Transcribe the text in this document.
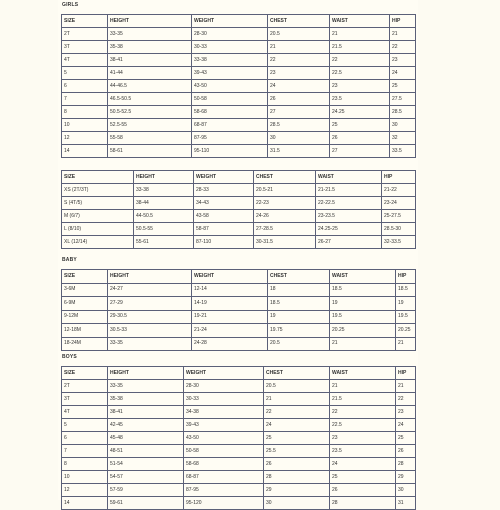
GIRLS
SIZE	HEIGHT	WEIGHT	CHEST	WAIST	HIP
2T	33-35	28-30	20.5	21	21
3T	35-38	30-33	21	21.5	22
4T	38-41	33-38	22	22	23
5	41-44	39-43	23	22.5	24
6	44-46.5	43-50	24	23	25
7	46.5-50.5	50-58	26	23.5	27.5
8	50.5-52.5	58-68	27	24.25	28.5
10	52.5-55	68-87	28.5	25	30
12	55-58	87-95	30	26	32
14	58-61	95-110	31.5	27	33.5
SIZE	HEIGHT	WEIGHT	CHEST	WAIST	HIP
XS (2T/3T)	33-38	28-33	20.5-21	21-21.5	21-22
S (4T/5)	38-44	34-43	22-23	22-22.5	23-24
M (6/7)	44-50.5	43-58	24-26	23-23.5	25-27.5
L (8/10)	50.5-55	58-87	27-28.5	24.25-25	28.5-30
XL (12/14)	55-61	87-110	30-31.5	26-27	32-33.5
BABY
SIZE	HEIGHT	WEIGHT	CHEST	WAIST	HIP
3-6M	24-27	12-14	18	18.5	18.5
6-9M	27-29	14-19	18.5	19	19
9-12M	29-30.5	19-21	19	19.5	19.5
12-18M	30.5-33	21-24	19.75	20.25	20.25
18-24M	33-35	24-28	20.5	21	21
BOYS
SIZE	HEIGHT	WEIGHT	CHEST	WAIST	HIP
2T	33-35	28-30	20.5	21	21
3T	35-38	30-33	21	21.5	22
4T	38-41	34-38	22	22	23
5	42-45	39-43	24	22.5	24
6	45-48	43-50	25	23	25
7	48-51	50-58	25.5	23.5	26
8	51-54	58-68	26	24	28
10	54-57	68-87	28	25	29
12	57-59	87-95	29	26	30
14	59-61	95-120	30	28	31
